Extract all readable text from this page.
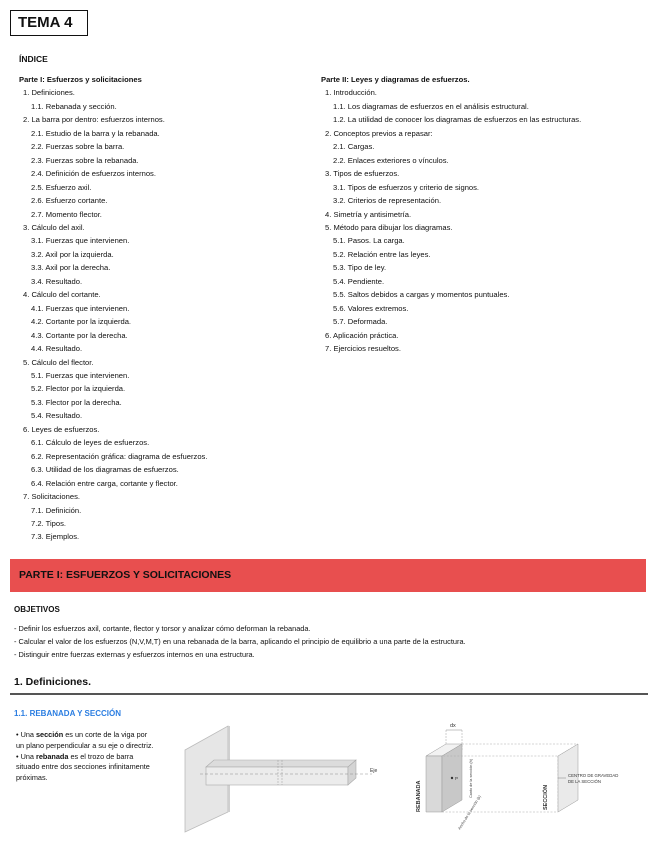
TEMA 4
ÍNDICE
Parte I: Esfuerzos y solicitaciones
1. Definiciones.
1.1. Rebanada y sección.
2. La barra por dentro: esfuerzos internos.
2.1. Estudio de la barra y la rebanada.
2.2. Fuerzas sobre la barra.
2.3. Fuerzas sobre la rebanada.
2.4. Definición de esfuerzos internos.
2.5. Esfuerzo axil.
2.6. Esfuerzo cortante.
2.7. Momento flector.
3. Cálculo del axil.
3.1. Fuerzas que intervienen.
3.2. Axil por la izquierda.
3.3. Axil por la derecha.
3.4. Resultado.
4. Cálculo del cortante.
4.1. Fuerzas que intervienen.
4.2. Cortante por la izquierda.
4.3. Cortante por la derecha.
4.4. Resultado.
5. Cálculo del flector.
5.1. Fuerzas que intervienen.
5.2. Flector por la izquierda.
5.3. Flector por la derecha.
5.4. Resultado.
6. Leyes de esfuerzos.
6.1. Cálculo de leyes de esfuerzos.
6.2. Representación gráfica: diagrama de esfuerzos.
6.3. Utilidad de los diagramas de esfuerzos.
6.4. Relación entre carga, cortante y flector.
7. Solicitaciones.
7.1. Definición.
7.2. Tipos.
7.3. Ejemplos.
Parte II: Leyes y diagramas de esfuerzos.
1. Introducción.
1.1. Los diagramas de esfuerzos en el análisis estructural.
1.2. La utilidad de conocer los diagramas de esfuerzos en las estructuras.
2. Conceptos previos a repasar:
2.1. Cargas.
2.2. Enlaces exteriores o vínculos.
3. Tipos de esfuerzos.
3.1. Tipos de esfuerzos y criterio de signos.
3.2. Criterios de representación.
4. Simetría y antisimetría.
5. Método para dibujar los diagramas.
5.1. Pasos. La carga.
5.2. Relación entre las leyes.
5.3. Tipo de ley.
5.4. Pendiente.
5.5. Saltos debidos a cargas y momentos puntuales.
5.6. Valores extremos.
5.7. Deformada.
6. Aplicación práctica.
7. Ejercicios resueltos.
PARTE I: ESFUERZOS Y SOLICITACIONES
OBJETIVOS
- Definir los esfuerzos axil, cortante, flector y torsor y analizar cómo deforman la rebanada.
- Calcular el valor de los esfuerzos (N,V,M,T) en una rebanada de la barra, aplicando el principio de equilibrio a una parte de la estructura.
- Distinguir entre fuerzas externas y esfuerzos internos en una estructura.
1. Definiciones.
1.1. REBANADA Y SECCIÓN
• Una sección es un corte de la viga por un plano perpendicular a su eje o directriz.
• Una rebanada es el trozo de barra situado entre dos secciones infinitamente próximas.
Eje
dx
P
REBANADA	SECCIÓN
Canto de la sección (h)
Ancho de la sección (b)
CENTRO DE GRAVEDAD
DE LA SECCIÓN
